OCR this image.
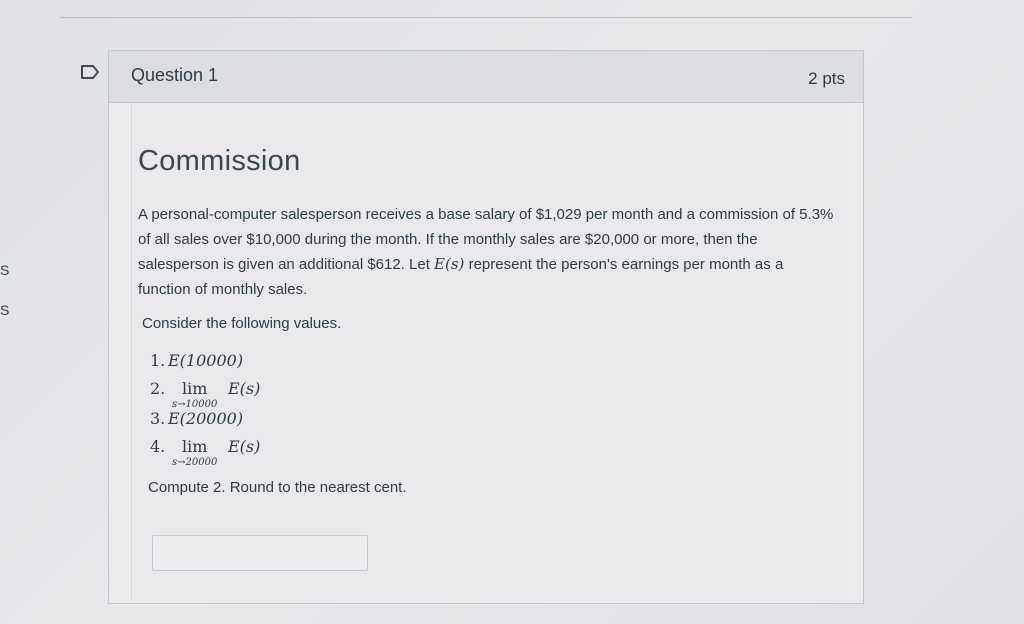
S
S
Question 1	2 pts
Commission
A personal-computer salesperson receives a base salary of $1,029 per month and a commission of 5.3% of all sales over $10,000 during the month. If the monthly sales are $20,000 or more, then the salesperson is given an additional $612. Let E(s) represent the person's earnings per month as a function of monthly sales.
Consider the following values.
1. E(10000)
2. lim
s→10000
E(s)
3. E(20000)
4. lim
s→20000
E(s)
Compute 2. Round to the nearest cent.
